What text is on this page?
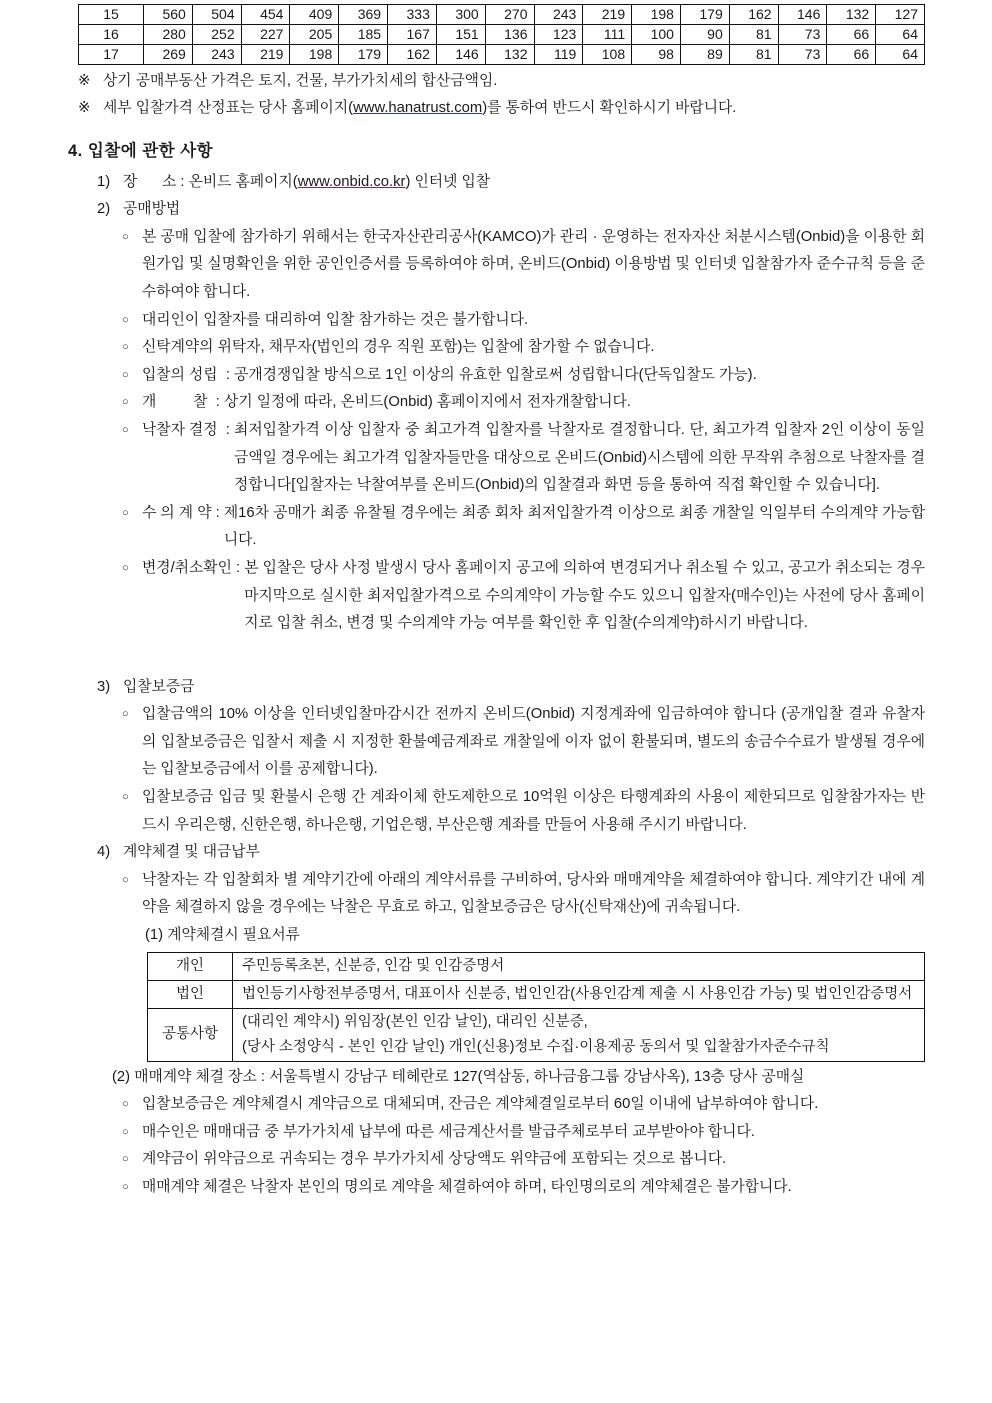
15	560	504	454	409	369	333	300	270	243	219	198	179	162	146	132	127
16	280	252	227	205	185	167	151	136	123	111	100	90	81	73	66	64
17	269	243	219	198	179	162	146	132	119	108	98	89	81	73	66	64
※ 상기 공매부동산 가격은 토지, 건물, 부가가치세의 합산금액임.
※ 세부 입찰가격 산정표는 당사 홈페이지(www.hanatrust.com)를 통하여 반드시 확인하시기 바랍니다.
4. 입찰에 관한 사항
1) 장      소 : 온비드 홈페이지(www.onbid.co.kr) 인터넷 입찰
2) 공매방법
○ 본 공매 입찰에 참가하기 위해서는 한국자산관리공사(KAMCO)가 관리 · 운영하는 전자자산 처분시스템(Onbid)을 이용한 회원가입 및 실명확인을 위한 공인인증서를 등록하여야 하며, 온비드(Onbid) 이용방법 및 인터넷 입찰참가자 준수규칙 등을 준수하여야 합니다.
○ 대리인이 입찰자를 대리하여 입찰 참가하는 것은 불가합니다.
○ 신탁계약의 위탁자, 채무자(법인의 경우 직원 포함)는 입찰에 참가할 수 없습니다.
○ 입찰의 성립  : 공개경쟁입찰 방식으로 1인 이상의 유효한 입찰로써 성립합니다(단독입찰도 가능).
○ 개         찰  : 상기 일정에 따라, 온비드(Onbid) 홈페이지에서 전자개찰합니다.
○ 낙찰자 결정  : 최저입찰가격 이상 입찰자 중 최고가격 입찰자를 낙찰자로 결정합니다. 단, 최고가격 입찰자 2인 이상이 동일금액일 경우에는 최고가격 입찰자들만을 대상으로 온비드(Onbid)시스템에 의한 무작위 추첨으로 낙찰자를 결정합니다[입찰자는 낙찰여부를 온비드(Onbid)의 입찰결과 화면 등을 통하여 직접 확인할 수 있습니다].
○ 수 의 계 약 : 제16차 공매가 최종 유찰될 경우에는 최종 회차 최저입찰가격 이상으로 최종 개찰일 익일부터 수의계약 가능합니다.
○ 변경/취소확인 : 본 입찰은 당사 사정 발생시 당사 홈페이지 공고에 의하여 변경되거나 취소될 수 있고, 공고가 취소되는 경우 마지막으로 실시한 최저입찰가격으로 수의계약이 가능할 수도 있으니 입찰자(매수인)는 사전에 당사 홈페이지로 입찰 취소, 변경 및 수의계약 가능 여부를 확인한 후 입찰(수의계약)하시기 바랍니다.
3) 입찰보증금
○ 입찰금액의 10% 이상을 인터넷입찰마감시간 전까지 온비드(Onbid) 지정계좌에 입금하여야 합니다 (공개입찰 결과 유찰자의 입찰보증금은 입찰서 제출 시 지정한 환불예금계좌로 개찰일에 이자 없이 환불되며, 별도의 송금수수료가 발생될 경우에는 입찰보증금에서 이를 공제합니다).
○ 입찰보증금 입금 및 환불시 은행 간 계좌이체 한도제한으로 10억원 이상은 타행계좌의 사용이 제한되므로 입찰참가자는 반드시 우리은행, 신한은행, 하나은행, 기업은행, 부산은행 계좌를 만들어 사용해 주시기 바랍니다.
4) 계약체결 및 대금납부
○ 낙찰자는 각 입찰회차 별 계약기간에 아래의 계약서류를 구비하여, 당사와 매매계약을 체결하여야 합니다. 계약기간 내에 계약을 체결하지 않을 경우에는 낙찰은 무효로 하고, 입찰보증금은 당사(신탁재산)에 귀속됩니다.
(1) 계약체결시 필요서류
개인	주민등록초본, 신분증, 인감 및 인감증명서

법인	법인등기사항전부증명서, 대표이사 신분증, 법인인감(사용인감계 제출 시 사용인감 가능) 및 법인인감증명서

공통사항	(대리인 계약시) 위임장(본인 인감 날인), 대리인 신분증,
(당사 소정양식 - 본인 인감 날인) 개인(신용)정보 수집·이용제공 동의서 및 입찰참가자준수규칙
(2) 매매계약 체결 장소 : 서울특별시 강남구 테헤란로 127(역삼동, 하나금융그룹 강남사옥), 13층 당사 공매실
○ 입찰보증금은 계약체결시 계약금으로 대체되며, 잔금은 계약체결일로부터 60일 이내에 납부하여야 합니다.
○ 매수인은 매매대금 중 부가가치세 납부에 따른 세금계산서를 발급주체로부터 교부받아야 합니다.
○ 계약금이 위약금으로 귀속되는 경우 부가가치세 상당액도 위약금에 포함되는 것으로 봅니다.
○ 매매계약 체결은 낙찰자 본인의 명의로 계약을 체결하여야 하며, 타인명의로의 계약체결은 불가합니다.
